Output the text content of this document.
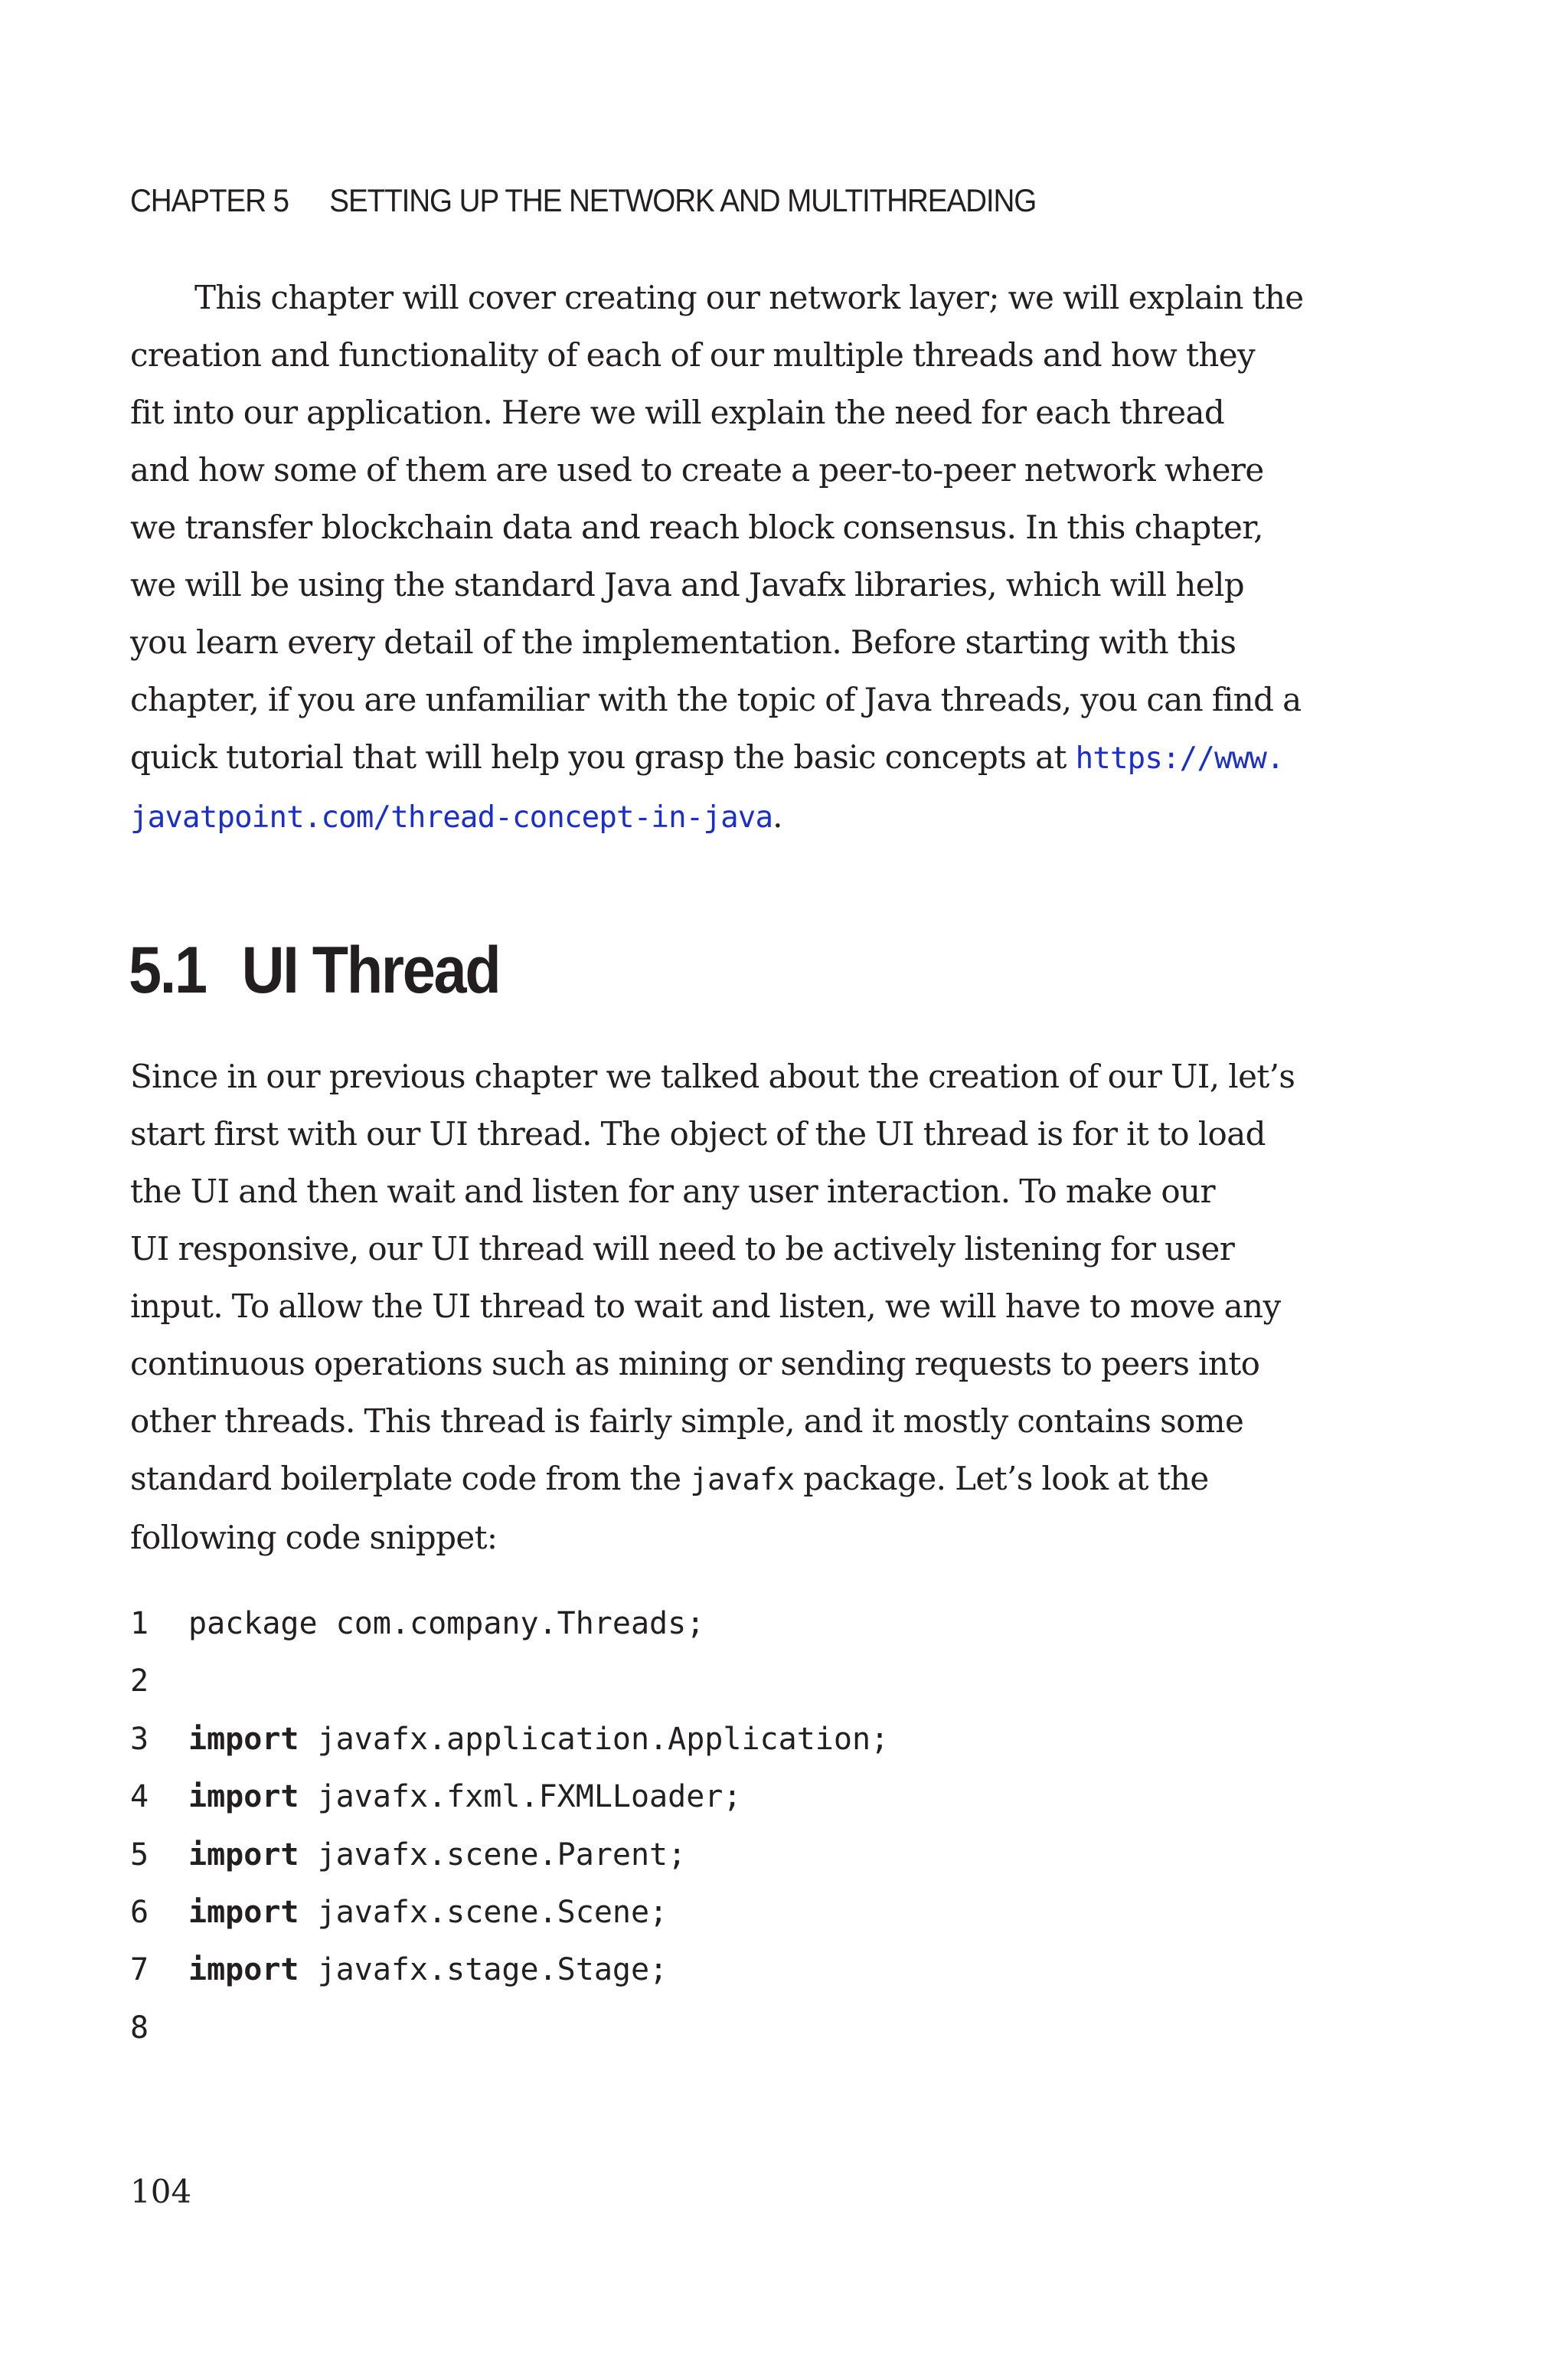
CHAPTER 5 SETTING UP THE NETWORK AND MULTITHREADING

This chapter will cover creating our network layer; we will explain the
creation and functionality of each of our multiple threads and how they
fit into our application. Here we will explain the need for each thread
and how some of them are used to create a peer-to-peer network where
we transfer blockchain data and reach block consensus. In this chapter,
we will be using the standard Java and Javafx libraries, which will help
you learn every detail of the implementation. Before starting with this
chapter, if you are unfamiliar with the topic of Java threads, you can find a
quick tutorial that will help you grasp the basic concepts at https://www.
javatpoint.com/thread-concept-in-java.

5.1 UI Thread

Since in our previous chapter we talked about the creation of our UI, let’s
start first with our UI thread. The object of the UI thread is for it to load
the UI and then wait and listen for any user interaction. To make our
UI responsive, our UI thread will need to be actively listening for user
input. To allow the UI thread to wait and listen, we will have to move any
continuous operations such as mining or sending requests to peers into
other threads. This thread is fairly simple, and it mostly contains some
standard boilerplate code from the javafx package. Let’s look at the
following code snippet:

1 package com.company.Threads;
2
3 import javafx.application.Application;
4 import javafx.fxml.FXMLLoader;
5 import javafx.scene.Parent;
6 import javafx.scene.Scene;
7 import javafx.stage.Stage;
8
104
